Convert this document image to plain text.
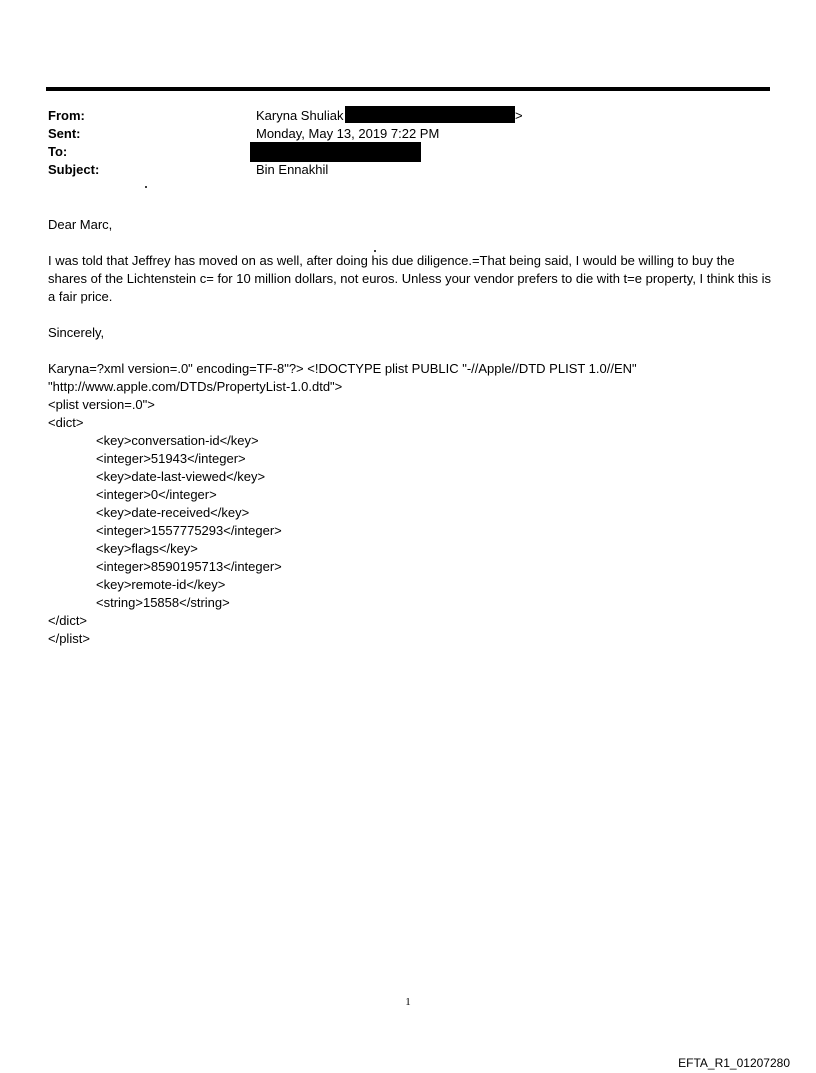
From:	Karyna Shuliak	>
Sent:	Monday, May 13, 2019 7:22 PM
To:
Subject:	Bin Ennakhil
Dear Marc,
I was told that Jeffrey has moved on as well, after doing his due diligence.=That being said, I would be willing to buy the shares of the Lichtenstein c= for 10 million dollars, not euros. Unless your vendor prefers to die with t=e property, I think this is a fair price.
Sincerely,
Karyna=?xml version=.0" encoding=TF-8"?> <!DOCTYPE plist PUBLIC "-//Apple//DTD PLIST 1.0//EN"
"http://www.apple.com/DTDs/PropertyList-1.0.dtd">
<plist version=.0">
<dict>
<key>conversation-id</key>
<integer>51943</integer>
<key>date-last-viewed</key>
<integer>0</integer>
<key>date-received</key>
<integer>1557775293</integer>
<key>flags</key>
<integer>8590195713</integer>
<key>remote-id</key>
<string>15858</string>
</dict>
</plist>
1
EFTA_R1_01207280
